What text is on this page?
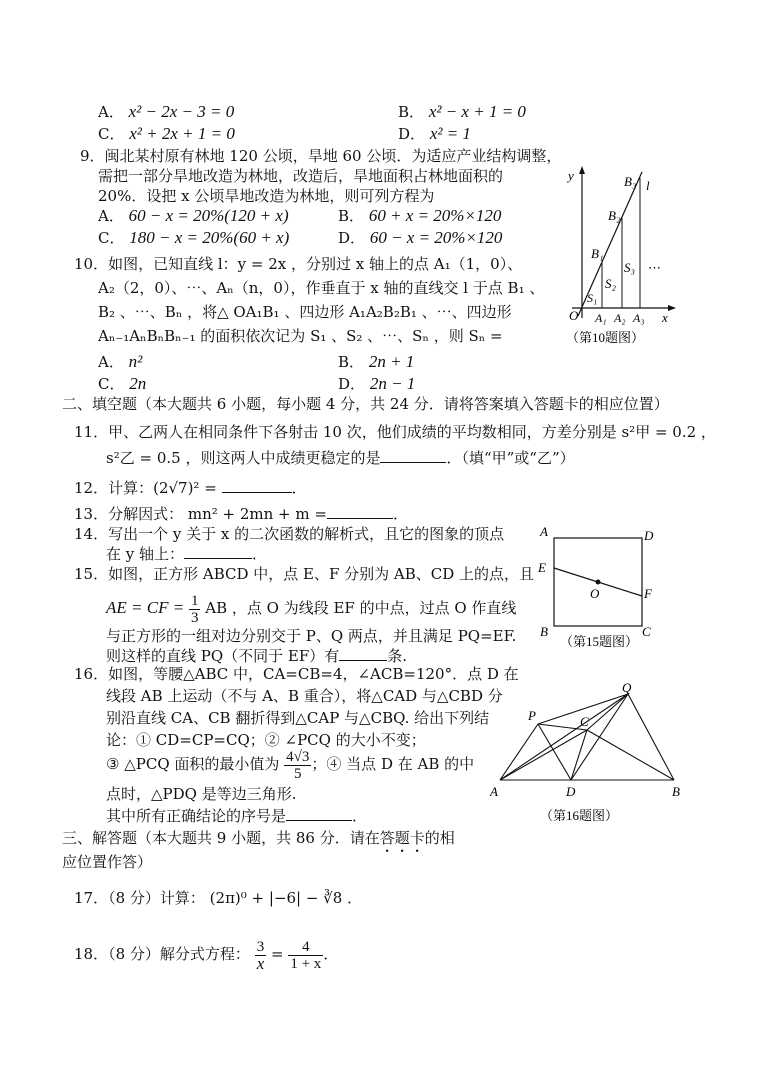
A． x² − 2x − 3 = 0	B． x² − x + 1 = 0
C． x² + 2x + 1 = 0	D． x² = 1
9．闽北某村原有林地 120 公顷，旱地 60 公顷．为适应产业结构调整，
需把一部分旱地改造为林地，改造后，旱地面积占林地面积的
20%．设把 x 公顷旱地改造为林地，则可列方程为
A． 60 − x = 20%(120 + x)	B． 60 + x = 20%×120
C． 180 − x = 20%(60 + x)	D． 60 − x = 20%×120
10．如图，已知直线 l：y = 2x ，分别过 x 轴上的点 A₁（1，0）、
A₂（2，0）、⋯、Aₙ（n，0），作垂直于 x 轴的直线交 l 于点 B₁ 、
B₂ 、⋯、Bₙ ，将△ OA₁B₁ 、四边形 A₁A₂B₂B₁ 、⋯、四边形
Aₙ₋₁AₙBₙBₙ₋₁ 的面积依次记为 S₁ 、S₂ 、⋯、Sₙ ，则 Sₙ =
A． n²	B． 2n + 1
C． 2n	D． 2n − 1
y	B₃ l
B₂
B₁
S₃ ⋯
S₂
S₁
O A₁ A₂ A₃ x
（第10题图）
二、填空题（本大题共 6 小题，每小题 4 分，共 24 分．请将答案填入答题卡的相应位置）
11．甲、乙两人在相同条件下各射击 10 次，他们成绩的平均数相同，方差分别是 s²甲 = 0.2 ，
s²乙 = 0.5 ，则这两人中成绩更稳定的是	．（填“甲”或“乙”）
12．计算：(2√7)² =	．
13．分解因式： mn² + 2mn + m =	．
14．写出一个 y 关于 x 的二次函数的解析式，且它的图象的顶点
在 y 轴上：	．
15．如图，正方形 ABCD 中，点 E、F 分别为 AB、CD 上的点，且
AE = CF = $\frac{1}{3}$ AB ，点 O 为线段 EF 的中点，过点 O 作直线
与正方形的一组对边分别交于 P、Q 两点，并且满足 PQ=EF.
则这样的直线 PQ（不同于 EF）有	条.
A	D
E
O	F
B	C
（第15题图）
16．如图，等腰△ABC 中，CA=CB=4，∠ACB=120°．点 D 在
线段 AB 上运动（不与 A、B 重合），将△CAD 与△CBD 分
别沿直线 CA、CB 翻折得到△CAP 与△CBQ. 给出下列结
论：① CD=CP=CQ；② ∠PCQ 的大小不变；
③ △PCQ 面积的最小值为 $\frac{4√3}{5}$ ；④ 当点 D 在 AB 的中
点时，△PDQ 是等边三角形.
其中所有正确结论的序号是	．
Q
P	C
A	D	B
（第16题图）
三、解答题（本大题共 9 小题，共 86 分．请在答题卡的相
应位置作答）
17．（8 分）计算： (2π)⁰ + |−6| − ∛8 ．
18．（8 分）解分式方程： $\frac{3}{x} = \frac{4}{1 + x}$ ．
